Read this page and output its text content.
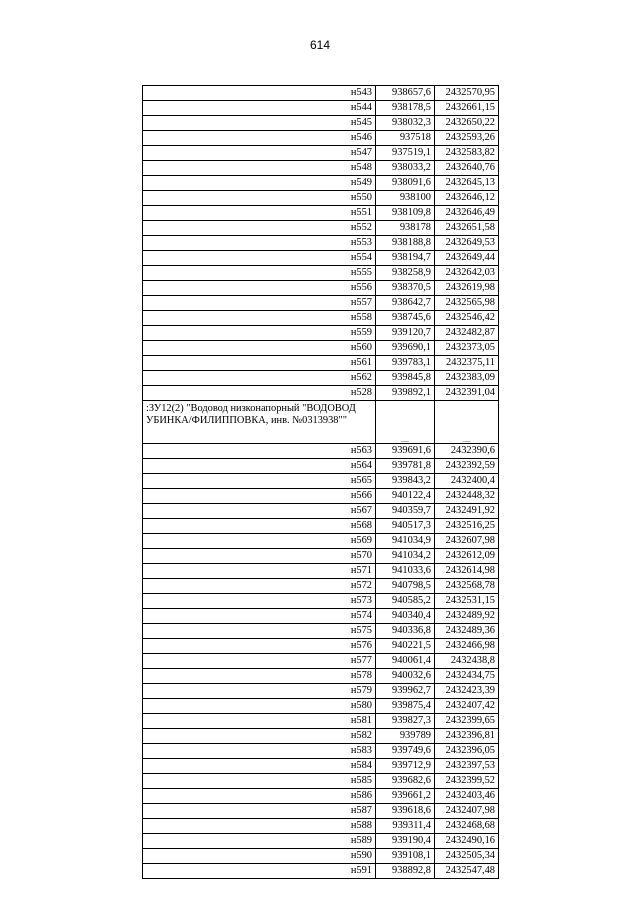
614
н543	938657,6	2432570,95
н544	938178,5	2432661,15
н545	938032,3	2432650,22
н546	937518	2432593,26
н547	937519,1	2432583,82
н548	938033,2	2432640,76
н549	938091,6	2432645,13
н550	938100	2432646,12
н551	938109,8	2432646,49
н552	938178	2432651,58
н553	938188,8	2432649,53
н554	938194,7	2432649,44
н555	938258,9	2432642,03
н556	938370,5	2432619,98
н557	938642,7	2432565,98
н558	938745,6	2432546,42
н559	939120,7	2432482,87
н560	939690,1	2432373,05
н561	939783,1	2432375,11
н562	939845,8	2432383,09
н528	939892,1	2432391,04
:ЗУ12(2) "Водовод низконапорный "ВОДОВОД УБИНКА/ФИЛИППОВКА, инв. №0313938""	__	__
н563	939691,6	2432390,6
н564	939781,8	2432392,59
н565	939843,2	2432400,4
н566	940122,4	2432448,32
н567	940359,7	2432491,92
н568	940517,3	2432516,25
н569	941034,9	2432607,98
н570	941034,2	2432612,09
н571	941033,6	2432614,98
н572	940798,5	2432568,78
н573	940585,2	2432531,15
н574	940340,4	2432489,92
н575	940336,8	2432489,36
н576	940221,5	2432466,98
н577	940061,4	2432438,8
н578	940032,6	2432434,75
н579	939962,7	2432423,39
н580	939875,4	2432407,42
н581	939827,3	2432399,65
н582	939789	2432396,81
н583	939749,6	2432396,05
н584	939712,9	2432397,53
н585	939682,6	2432399,52
н586	939661,2	2432403,46
н587	939618,6	2432407,98
н588	939311,4	2432468,68
н589	939190,4	2432490,16
н590	939108,1	2432505,34
н591	938892,8	2432547,48
